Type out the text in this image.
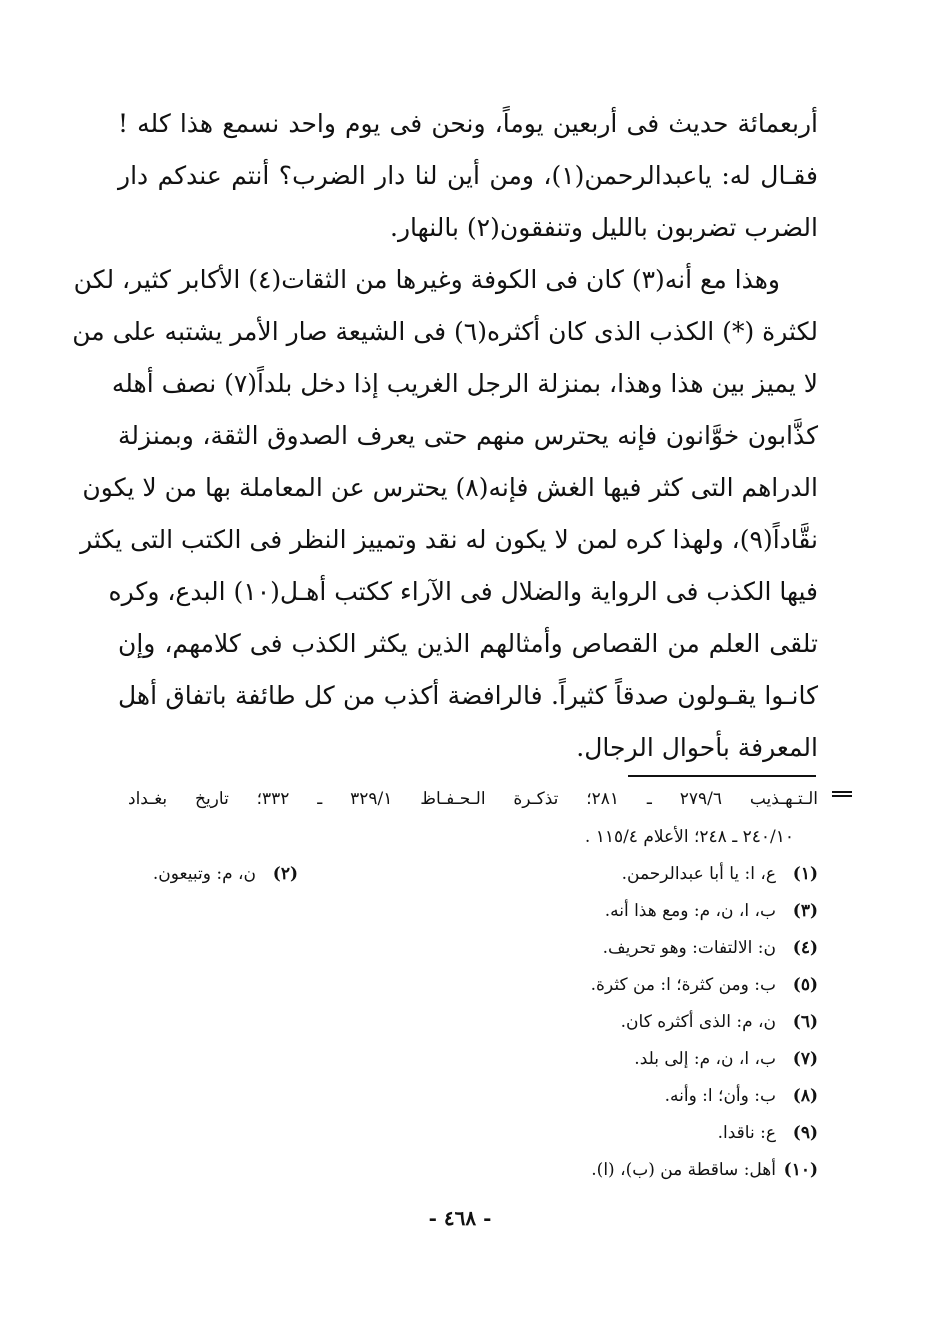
أربعمائة حديث فى أربعين يوماً، ونحن فى يوم واحد نسمع هذا كله !
فقـال له: ياعبدالرحمن(١)، ومن أين لنا دار الضرب؟ أنتم عندكم دار
الضرب تضربون بالليل وتنفقون(٢) بالنهار.
وهذا مع أنه(٣) كان فى الكوفة وغيرها من الثقات(٤) الأكابر كثير، لكن
لكثرة (*) الكذب الذى كان أكثره(٦) فى الشيعة صار الأمر يشتبه على من
لا يميز بين هذا وهذا، بمنزلة الرجل الغريب إذا دخل بلداً(٧) نصف أهله
كذَّابون خوَّانون فإنه يحترس منهم حتى يعرف الصدوق الثقة، وبمنزلة
الدراهم التى كثر فيها الغش فإنه(٨) يحترس عن المعاملة بها من لا يكون
نقَّاداً(٩)، ولهذا كره لمن لا يكون له نقد وتمييز النظر فى الكتب التى يكثر
فيها الكذب فى الرواية والضلال فى الآراء ككتب أهـل(١٠) البدع، وكره
تلقى العلم من القصاص وأمثالهم الذين يكثر الكذب فى كلامهم، وإن
كانـوا يقـولون صدقاً كثيراً. فالرافضة أكذب من كل طائفة باتفاق أهل
المعرفة بأحوال الرجال.
الـتـهـذيب ٢٧٩/٦ ـ ٢٨١؛ تذكـرة الـحـفـاظ ٣٢٩/١ ـ ٣٣٢؛ تاريخ بغـداد
٢٤٠/١٠ ـ ٢٤٨؛ الأعلام ١١٥/٤ .
(١)ع، ا: يا أبا عبدالرحمن.(٢)ن، م: وتبيعون.
(٣)ب، ا، ن، م: ومع هذا أنه.
(٤)ن: الالتفات: وهو تحريف.
(٥)ب: ومن كثرة؛ ا: من كثرة.
(٦)ن، م: الذى أكثره كان.
(٧)ب، ا، ن، م: إلى بلد.
(٨)ب: وأن؛ ا: وأنه.
(٩)ع: ناقدا.
(١٠)أهل: ساقطة من (ب)، (ا).
- ٤٦٨ -
